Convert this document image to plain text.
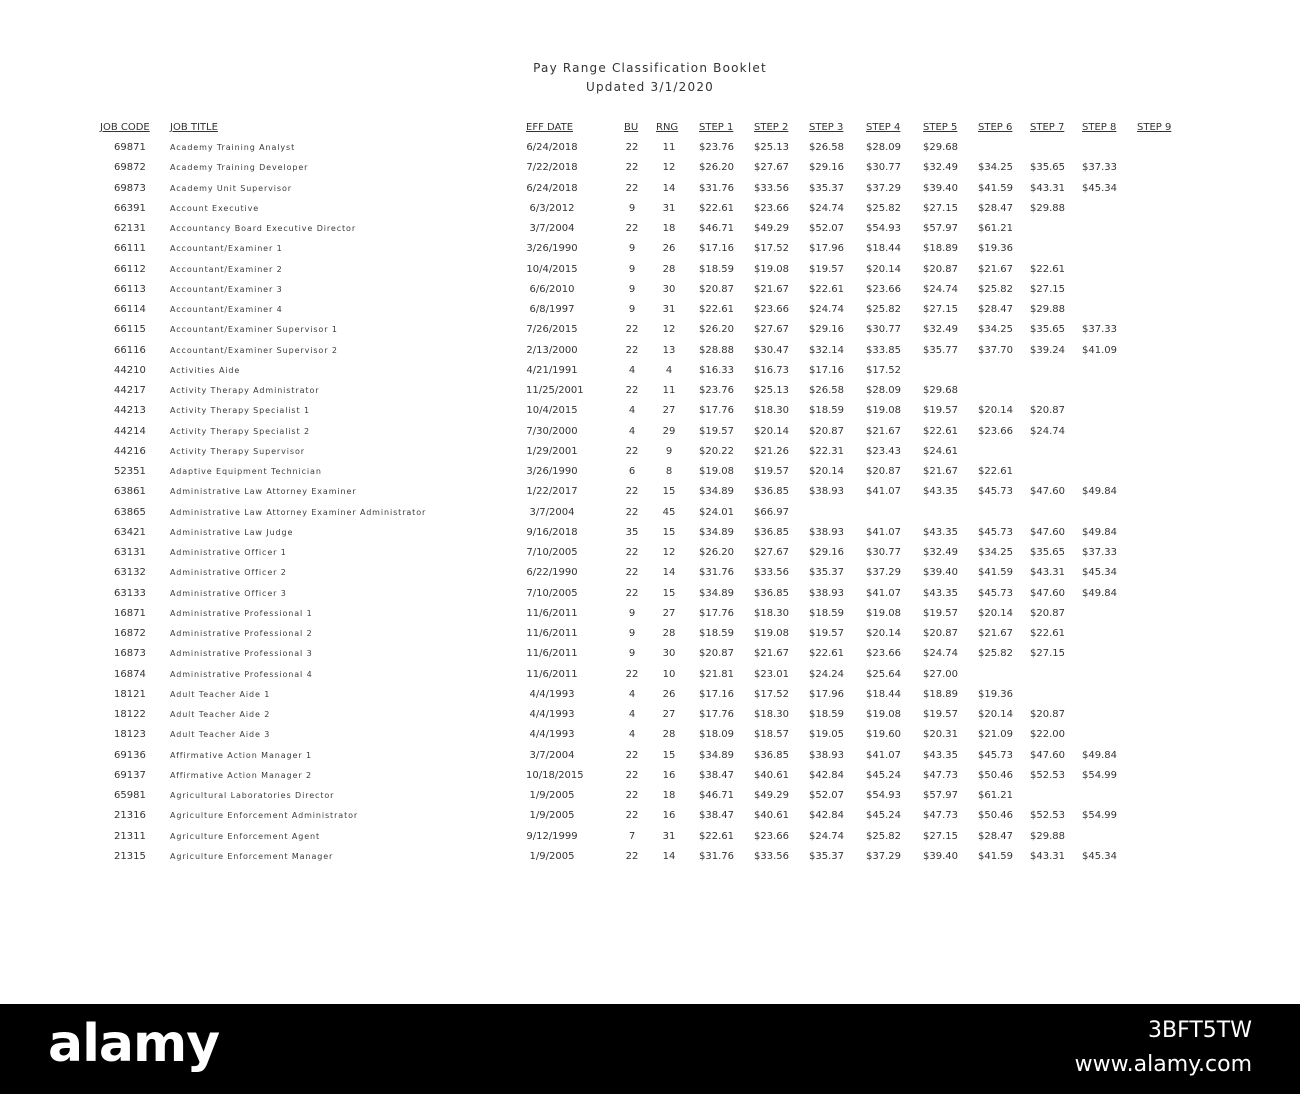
Pay Range Classification Booklet
Updated 3/1/2020
JOB CODE JOB TITLE	EFF DATE	BU RNG STEP 1 STEP 2 STEP 3 STEP 4 STEP 5 STEP 6 STEP 7 STEP 8 STEP 9
69871	Academy Training Analyst	6/24/2018	22	11	$23.76 $25.13 $26.58 $28.09 $29.68
69872	Academy Training Developer	7/22/2018	22	12	$26.20 $27.67 $29.16 $30.77 $32.49 $34.25 $35.65 $37.33
69873	Academy Unit Supervisor	6/24/2018	22	14	$31.76 $33.56 $35.37 $37.29 $39.40 $41.59 $43.31 $45.34
66391	Account Executive	6/3/2012	9	31	$22.61 $23.66 $24.74 $25.82 $27.15 $28.47 $29.88
62131	Accountancy Board Executive Director	3/7/2004	22	18	$46.71 $49.29 $52.07 $54.93 $57.97 $61.21
66111	Accountant/Examiner 1	3/26/1990	9	26	$17.16 $17.52 $17.96 $18.44 $18.89 $19.36
66112	Accountant/Examiner 2	10/4/2015	9	28	$18.59 $19.08 $19.57 $20.14 $20.87 $21.67 $22.61
66113	Accountant/Examiner 3	6/6/2010	9	30	$20.87 $21.67 $22.61 $23.66 $24.74 $25.82 $27.15
66114	Accountant/Examiner 4	6/8/1997	9	31	$22.61 $23.66 $24.74 $25.82 $27.15 $28.47 $29.88
66115	Accountant/Examiner Supervisor 1	7/26/2015	22	12	$26.20 $27.67 $29.16 $30.77 $32.49 $34.25 $35.65 $37.33
66116	Accountant/Examiner Supervisor 2	2/13/2000	22	13	$28.88 $30.47 $32.14 $33.85 $35.77 $37.70 $39.24 $41.09
44210	Activities Aide	4/21/1991	4	4	$16.33 $16.73 $17.16 $17.52
44217	Activity Therapy Administrator	11/25/2001	22	11	$23.76 $25.13 $26.58 $28.09 $29.68
44213	Activity Therapy Specialist 1	10/4/2015	4	27	$17.76 $18.30 $18.59 $19.08 $19.57 $20.14 $20.87
44214	Activity Therapy Specialist 2	7/30/2000	4	29	$19.57 $20.14 $20.87 $21.67 $22.61 $23.66 $24.74
44216	Activity Therapy Supervisor	1/29/2001	22	9	$20.22 $21.26 $22.31 $23.43 $24.61
52351	Adaptive Equipment Technician	3/26/1990	6	8	$19.08 $19.57 $20.14 $20.87 $21.67 $22.61
63861	Administrative Law Attorney Examiner	1/22/2017	22	15	$34.89 $36.85 $38.93 $41.07 $43.35 $45.73 $47.60 $49.84
63865	Administrative Law Attorney Examiner Administrator	3/7/2004	22	45	$24.01 $66.97
63421	Administrative Law Judge	9/16/2018	35	15	$34.89 $36.85 $38.93 $41.07 $43.35 $45.73 $47.60 $49.84
63131	Administrative Officer 1	7/10/2005	22	12	$26.20 $27.67 $29.16 $30.77 $32.49 $34.25 $35.65 $37.33
63132	Administrative Officer 2	6/22/1990	22	14	$31.76 $33.56 $35.37 $37.29 $39.40 $41.59 $43.31 $45.34
63133	Administrative Officer 3	7/10/2005	22	15	$34.89 $36.85 $38.93 $41.07 $43.35 $45.73 $47.60 $49.84
16871	Administrative Professional 1	11/6/2011	9	27	$17.76 $18.30 $18.59 $19.08 $19.57 $20.14 $20.87
16872	Administrative Professional 2	11/6/2011	9	28	$18.59 $19.08 $19.57 $20.14 $20.87 $21.67 $22.61
16873	Administrative Professional 3	11/6/2011	9	30	$20.87 $21.67 $22.61 $23.66 $24.74 $25.82 $27.15
16874	Administrative Professional 4	11/6/2011	22	10	$21.81 $23.01 $24.24 $25.64 $27.00
18121	Adult Teacher Aide 1	4/4/1993	4	26	$17.16 $17.52 $17.96 $18.44 $18.89 $19.36
18122	Adult Teacher Aide 2	4/4/1993	4	27	$17.76 $18.30 $18.59 $19.08 $19.57 $20.14 $20.87
18123	Adult Teacher Aide 3	4/4/1993	4	28	$18.09 $18.57 $19.05 $19.60 $20.31 $21.09 $22.00
69136	Affirmative Action Manager 1	3/7/2004	22	15	$34.89 $36.85 $38.93 $41.07 $43.35 $45.73 $47.60 $49.84
69137	Affirmative Action Manager 2	10/18/2015	22	16	$38.47 $40.61 $42.84 $45.24 $47.73 $50.46 $52.53 $54.99
65981	Agricultural Laboratories Director	1/9/2005	22	18	$46.71 $49.29 $52.07 $54.93 $57.97 $61.21
21316	Agriculture Enforcement Administrator	1/9/2005	22	16	$38.47 $40.61 $42.84 $45.24 $47.73 $50.46 $52.53 $54.99
21311	Agriculture Enforcement Agent	9/12/1999	7	31	$22.61 $23.66 $24.74 $25.82 $27.15 $28.47 $29.88
21315	Agriculture Enforcement Manager	1/9/2005	22	14	$31.76 $33.56 $35.37 $37.29 $39.40 $41.59 $43.31 $45.34
alamy	3BFT5TW
www.alamy.com
